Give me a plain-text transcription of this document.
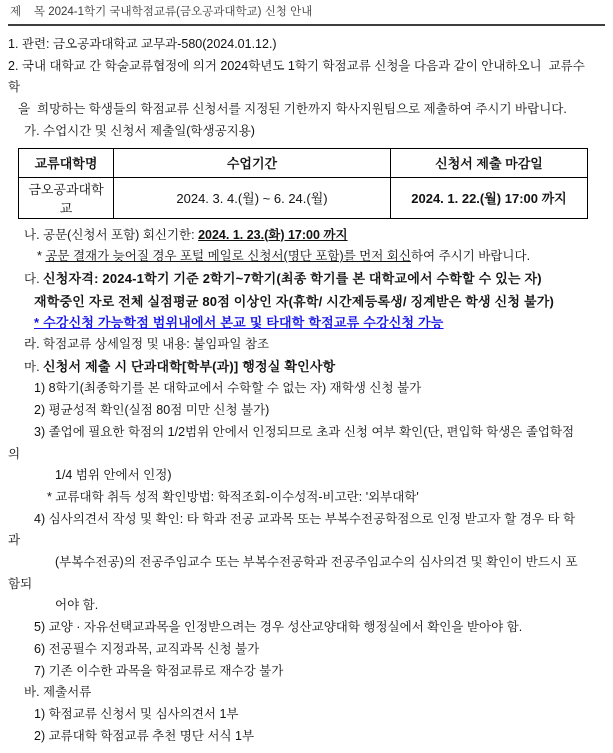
제    목 2024-1학기 국내학점교류(금오공과대학교) 신청 안내

1. 관련: 금오공과대학교 교무과-580(2024.01.12.)

2. 국내 대학교 간 학술교류협정에 의거 2024학년도 1학기 학점교류 신청을 다음과 같이 안내하오니  교류수

학

을  희망하는 학생들의 학점교류 신청서를 지정된 기한까지 학사지원팀으로 제출하여 주시기 바랍니다.

가. 수업시간 및 신청서 제출일(학생공지용)

교류대학명	수업기간	신청서 제출 마감일
금오공과대학교	2024. 3. 4.(월) ~ 6. 24.(월)	2024. 1. 22.(월) 17:00 까지

나. 공문(신청서 포함) 회신기한: 2024. 1. 23.(화) 17:00 까지

* 공문 결재가 늦어질 경우 포털 메일로 신청서(명단 포함)를 먼저 회신하여 주시기 바랍니다.

다. 신청자격: 2024-1학기 기준 2학기~7학기(최종 학기를 본 대학교에서 수학할 수 있는 자)

재학중인 자로 전체 실점평균 80점 이상인 자(휴학/ 시간제등록생/ 징계받은 학생 신청 불가)

* 수강신청 가능학점 범위내에서 본교 및 타대학 학점교류 수강신청 가능

라. 학점교류 상세일정 및 내용: 붙임파일 참조

마. 신청서 제출 시 단과대학[학부(과)] 행정실 확인사항

1) 8학기(최종학기를 본 대학교에서 수학할 수 없는 자) 재학생 신청 불가

2) 평균성적 확인(실점 80점 미만 신청 불가)

3) 졸업에 필요한 학점의 1/2범위 안에서 인정되므로 초과 신청 여부 확인(단, 편입학 학생은 졸업학점

의

1/4 범위 안에서 인정)

* 교류대학 취득 성적 확인방법: 학적조회-이수성적-비고란: '외부대학'

4) 심사의견서 작성 및 확인: 타 학과 전공 교과목 또는 부복수전공학점으로 인정 받고자 할 경우 타 학

과

(부복수전공)의 전공주임교수 또는 부복수전공학과 전공주임교수의 심사의견 및 확인이 반드시 포

함되

어야 함.

5) 교양 · 자유선택교과목을 인정받으려는 경우 성산교양대학 행정실에서 확인을 받아야 함.

6) 전공필수 지정과목, 교직과목 신청 불가

7) 기존 이수한 과목을 학점교류로 재수강 불가

바. 제출서류

1) 학점교류 신청서 및 심사의견서 1부

2) 교류대학 학점교류 추천 명단 서식 1부
